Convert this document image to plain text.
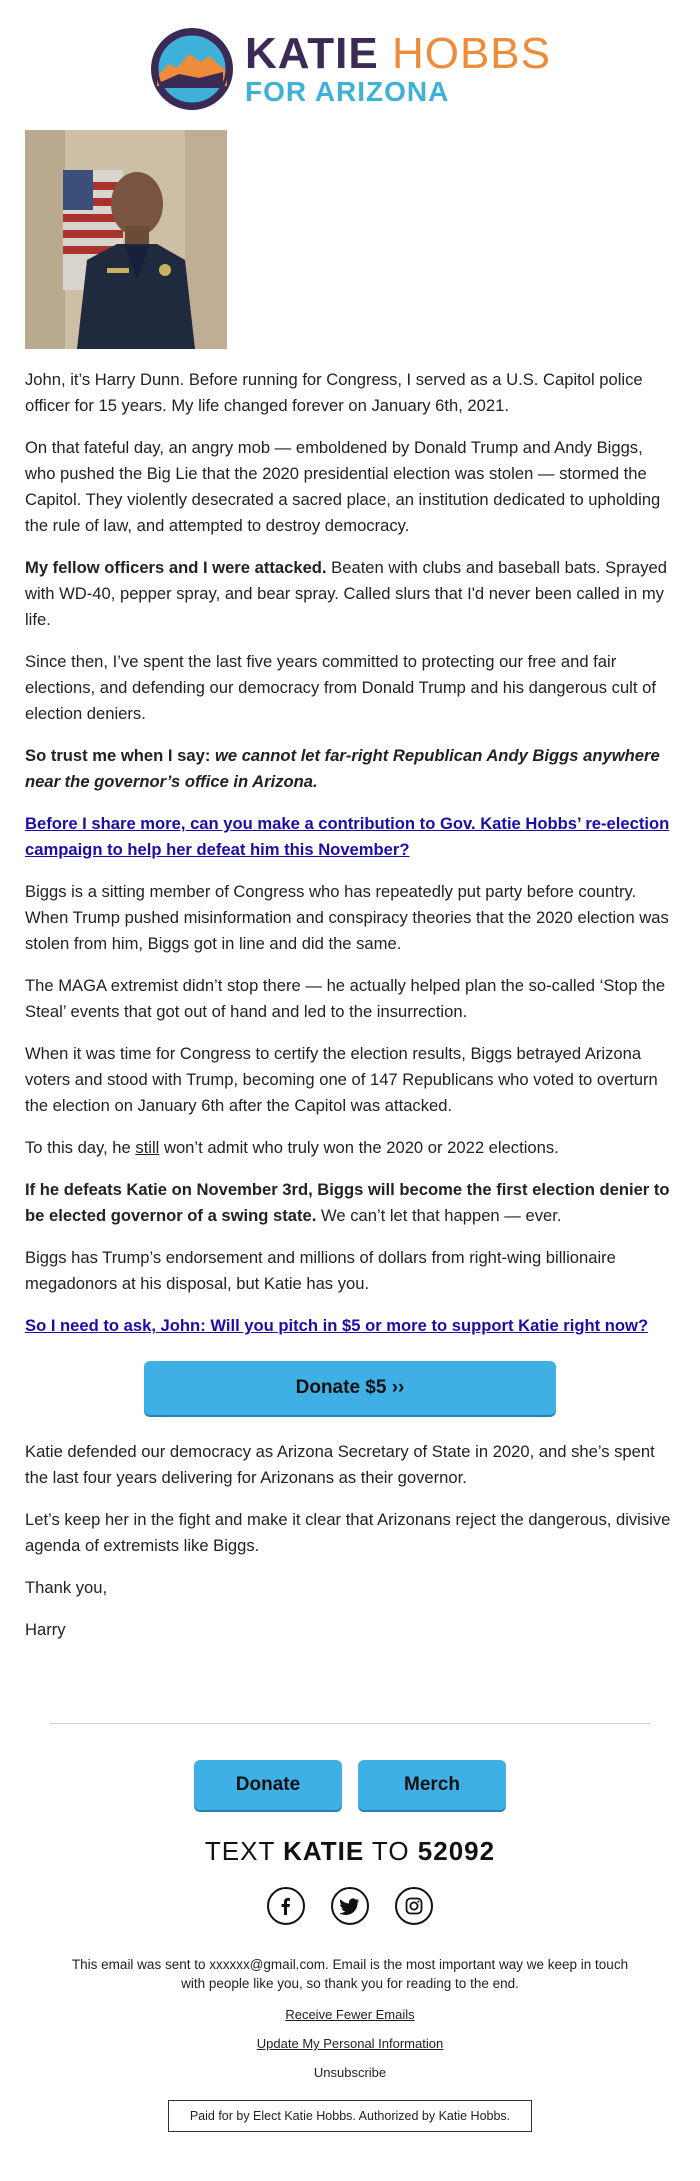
KATIE HOBBS
FOR ARIZONA

John, it’s Harry Dunn. Before running for Congress, I served as a U.S. Capitol police officer for 15 years. My life changed forever on January 6th, 2021.

On that fateful day, an angry mob — emboldened by Donald Trump and Andy Biggs, who pushed the Big Lie that the 2020 presidential election was stolen — stormed the Capitol. They violently desecrated a sacred place, an institution dedicated to upholding the rule of law, and attempted to destroy democracy.

My fellow officers and I were attacked. Beaten with clubs and baseball bats. Sprayed with WD-40, pepper spray, and bear spray. Called slurs that I'd never been called in my life.

Since then, I’ve spent the last five years committed to protecting our free and fair elections, and defending our democracy from Donald Trump and his dangerous cult of election deniers.

So trust me when I say: we cannot let far-right Republican Andy Biggs anywhere near the governor’s office in Arizona.

Before I share more, can you make a contribution to Gov. Katie Hobbs’ re-election campaign to help her defeat him this November?

Biggs is a sitting member of Congress who has repeatedly put party before country. When Trump pushed misinformation and conspiracy theories that the 2020 election was stolen from him, Biggs got in line and did the same.

The MAGA extremist didn’t stop there — he actually helped plan the so-called ‘Stop the Steal’ events that got out of hand and led to the insurrection.

When it was time for Congress to certify the election results, Biggs betrayed Arizona voters and stood with Trump, becoming one of 147 Republicans who voted to overturn the election on January 6th after the Capitol was attacked.

To this day, he still won’t admit who truly won the 2020 or 2022 elections.

If he defeats Katie on November 3rd, Biggs will become the first election denier to be elected governor of a swing state. We can’t let that happen — ever.

Biggs has Trump’s endorsement and millions of dollars from right-wing billionaire megadonors at his disposal, but Katie has you.

So I need to ask, John: Will you pitch in $5 or more to support Katie right now?

Donate $5 ››

Katie defended our democracy as Arizona Secretary of State in 2020, and she’s spent the last four years delivering for Arizonans as their governor.

Let’s keep her in the fight and make it clear that Arizonans reject the dangerous, divisive agenda of extremists like Biggs.

Thank you,

Harry

Donate	Merch
TEXT KATIE TO 52092
This email was sent to xxxxxx@gmail.com. Email is the most important way we keep in touch with people like you, so thank you for reading to the end.
Receive Fewer Emails
Update My Personal Information
Unsubscribe
Paid for by Elect Katie Hobbs. Authorized by Katie Hobbs.
